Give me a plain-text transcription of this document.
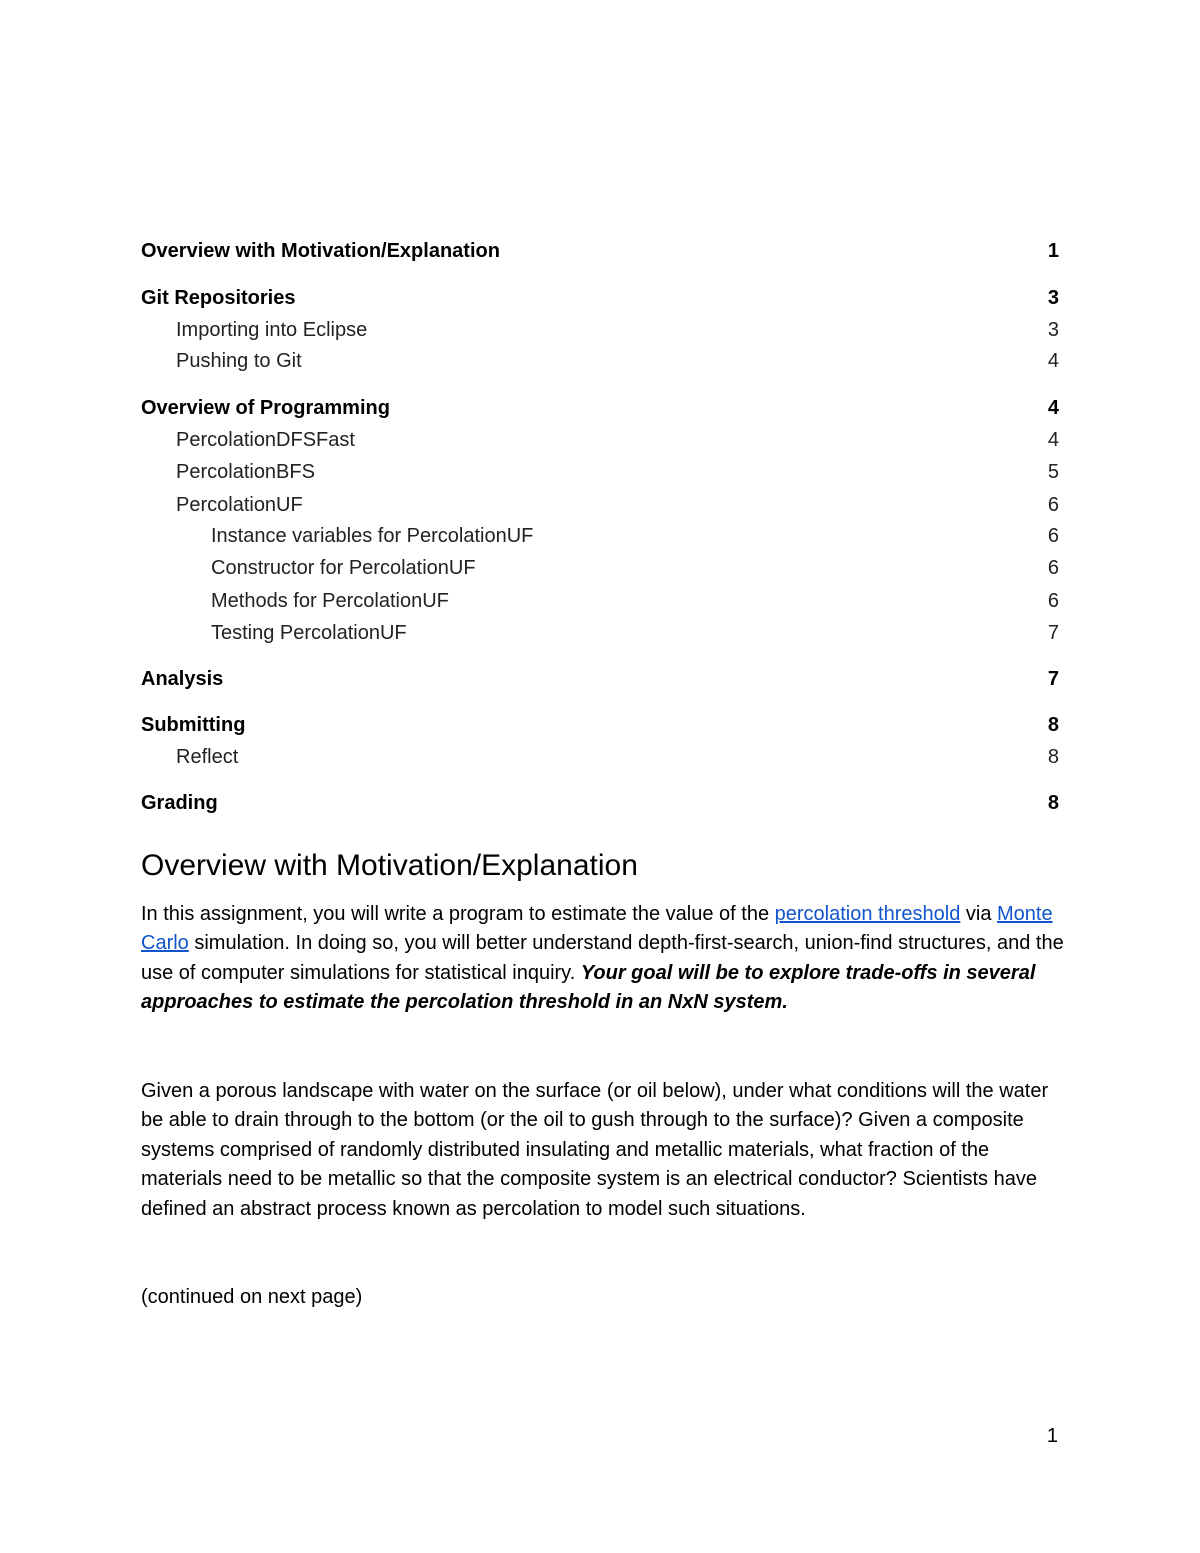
Overview with Motivation/Explanation	1
Git Repositories	3
Importing into Eclipse	3
Pushing to Git	4
Overview of Programming	4
PercolationDFSFast	4
PercolationBFS	5
PercolationUF	6
Instance variables for PercolationUF	6
Constructor for PercolationUF	6
Methods for PercolationUF	6
Testing PercolationUF	7
Analysis	7
Submitting	8
Reflect	8
Grading	8
Overview with Motivation/Explanation

In this assignment, you will write a program to estimate the value of the percolation threshold via Monte Carlo simulation. In doing so, you will better understand depth-first-search, union-find structures, and the use of computer simulations for statistical inquiry. Your goal will be to explore trade-offs in several approaches to estimate the percolation threshold in an NxN system.

Given a porous landscape with water on the surface (or oil below), under what conditions will the water be able to drain through to the bottom (or the oil to gush through to the surface)? Given a composite systems comprised of randomly distributed insulating and metallic materials, what fraction of the materials need to be metallic so that the composite system is an electrical conductor? Scientists have defined an abstract process known as percolation to model such situations.

(continued on next page)

1
